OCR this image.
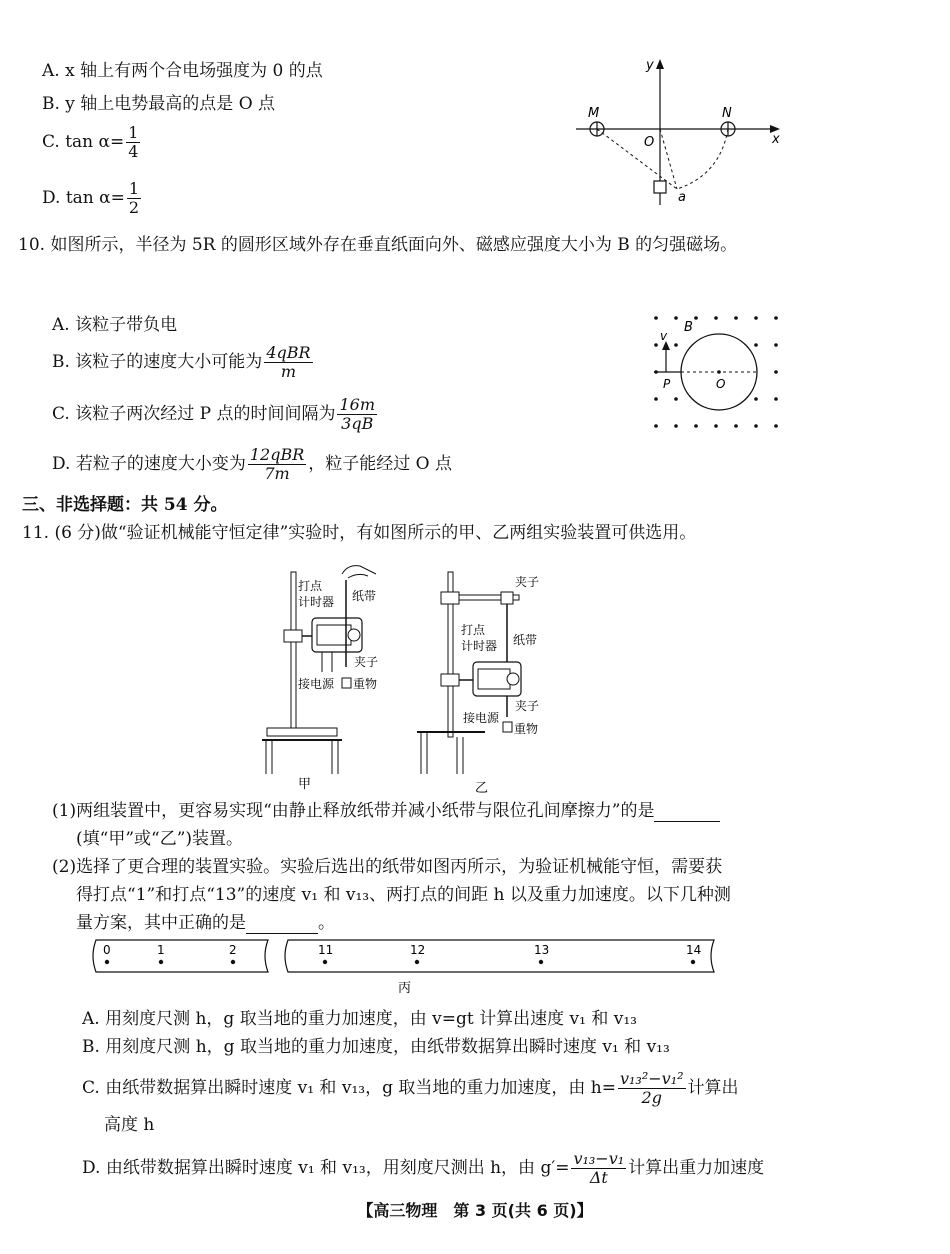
A. x 轴上有两个合电场强度为 0 的点
B. y 轴上电势最高的点是 O 点
C. $\tan \alpha= \frac{1}{4}$
D. $\tan \alpha= \frac{1}{2}$
y
x
O
M	N
a
10. 如图所示，半径为 5R 的圆形区域外存在垂直纸面向外、磁感应强度大小为 B 的匀强磁场。
A. 该粒子带负电
B. 该粒子的速度大小可能为 $\frac{\text{4qBR}}{m}$
C. 该粒子两次经过 P 点的时间间隔为 $\frac{16m}{3qB}$
D. 若粒子的速度大小变为 $\frac{\text{12qBR}}{7m}$ ，粒子能经过 O 点
B
v
P	O
三、非选择题：共 54 分。
11. (6 分)做“验证机械能守恒定律”实验时，有如图所示的甲、乙两组实验装置可供选用。
打点
计时器 纸带
夹子
接电源 重物
甲
夹子
打点
计时器 纸带
夹子
接电源
重物
乙
(1)两组装置中，更容易实现“由静止释放纸带并减小纸带与限位孔间摩擦力”的是
(填“甲”或“乙”)装置。
(2)选择了更合理的装置实验。实验后选出的纸带如图丙所示，为验证机械能守恒，需要获
得打点“1”和打点“13”的速度 v₁ 和 v₁₃、两打点的间距 h 以及重力加速度。以下几种测
量方案，其中正确的是	。
0	1	2	11	12	13	14
丙
A. 用刻度尺测 h，g 取当地的重力加速度，由 v=gt 计算出速度 v₁ 和 v₁₃
B. 用刻度尺测 h，g 取当地的重力加速度，由纸带数据算出瞬时速度 v₁ 和 v₁₃
C. 由纸带数据算出瞬时速度 v₁ 和 v₁₃，g 取当地的重力加速度，由 $h= \frac{\text{v₁₃²−v₁²}}{2g}$ 计算出
高度 h
D. 由纸带数据算出瞬时速度 v₁ 和 v₁₃，用刻度尺测出 h，由 $g'= \frac{\text{v₁₃−v₁}}{\Delta t}$ 计算出重力加速度
【高三物理　第 3 页(共 6 页)】
